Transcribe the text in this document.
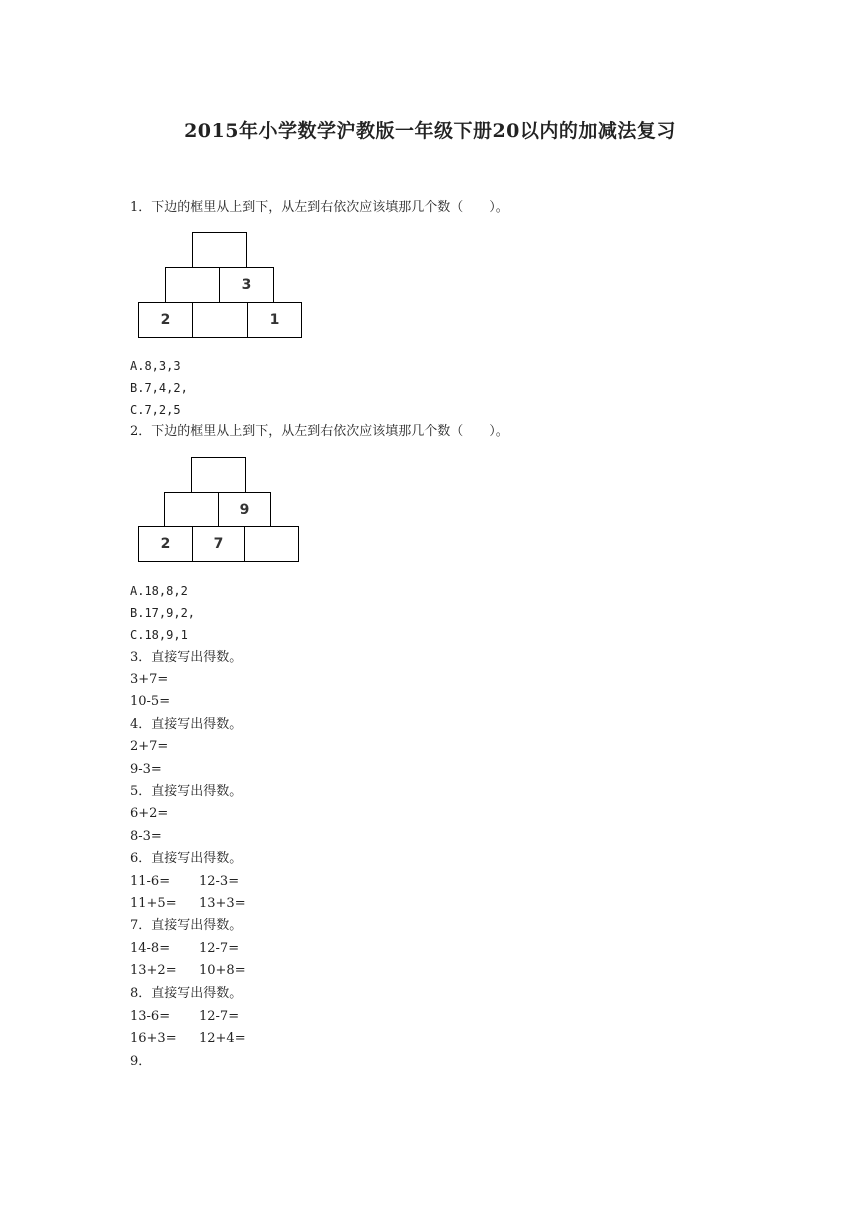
2015年小学数学沪教版一年级下册20以内的加减法复习
1．下边的框里从上到下，从左到右依次应该填那几个数（　　）。
3
2	1
A.8,3,3
B.7,4,2,
C.7,2,5
2．下边的框里从上到下，从左到右依次应该填那几个数（　　）。
9
2	7
A.18,8,2
B.17,9,2,
C.18,9,1
3．直接写出得数。
3+7=
10-5=
4．直接写出得数。
2+7=
9-3=
5．直接写出得数。
6+2=
8-3=
6．直接写出得数。
11-6= 12-3=
11+5= 13+3=
7．直接写出得数。
14-8= 12-7=
13+2= 10+8=
8．直接写出得数。
13-6= 12-7=
16+3= 12+4=
9．
